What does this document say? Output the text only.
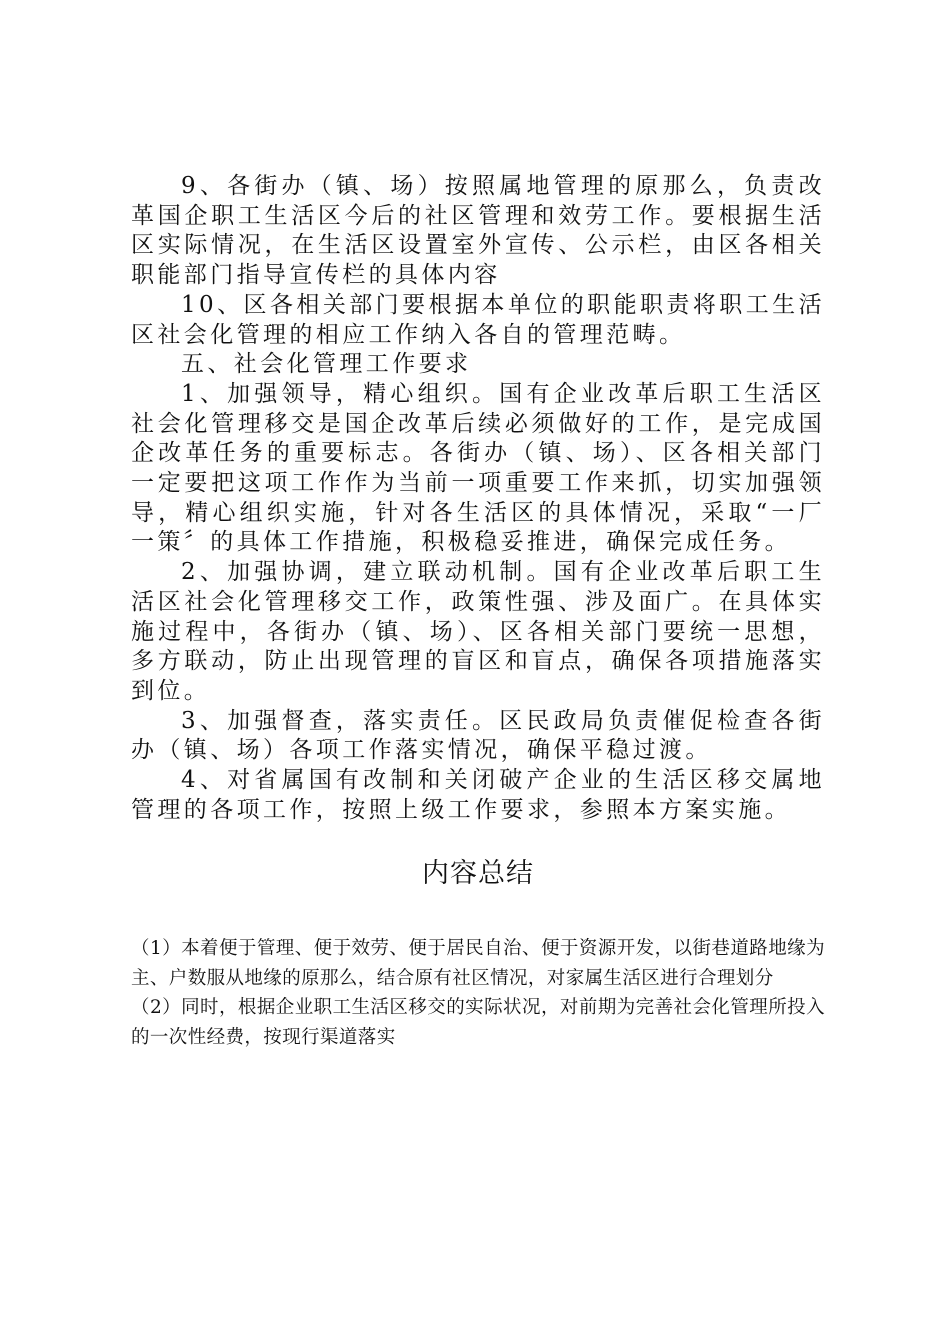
9、各街办（镇、场）按照属地管理的原那么，负责改革国企职工生活区今后的社区管理和效劳工作。要根据生活区实际情况，在生活区设置室外宣传、公示栏，由区各相关职能部门指导宣传栏的具体内容

10、区各相关部门要根据本单位的职能职责将职工生活区社会化管理的相应工作纳入各自的管理范畴。

五、社会化管理工作要求

1、加强领导，精心组织。国有企业改革后职工生活区社会化管理移交是国企改革后续必须做好的工作，是完成国企改革任务的重要标志。各街办（镇、场）、区各相关部门一定要把这项工作作为当前一项重要工作来抓，切实加强领导，精心组织实施，针对各生活区的具体情况，采取“一厂一策〞的具体工作措施，积极稳妥推进，确保完成任务。

2、加强协调，建立联动机制。国有企业改革后职工生活区社会化管理移交工作，政策性强、涉及面广。在具体实施过程中，各街办（镇、场）、区各相关部门要统一思想，多方联动，防止出现管理的盲区和盲点，确保各项措施落实到位。

3、加强督查，落实责任。区民政局负责催促检查各街办（镇、场）各项工作落实情况，确保平稳过渡。

4、对省属国有改制和关闭破产企业的生活区移交属地管理的各项工作，按照上级工作要求，参照本方案实施。

内容总结

（1）本着便于管理、便于效劳、便于居民自治、便于资源开发，以街巷道路地缘为主、户数服从地缘的原那么，结合原有社区情况，对家属生活区进行合理划分

（2）同时，根据企业职工生活区移交的实际状况，对前期为完善社会化管理所投入的一次性经费，按现行渠道落实
